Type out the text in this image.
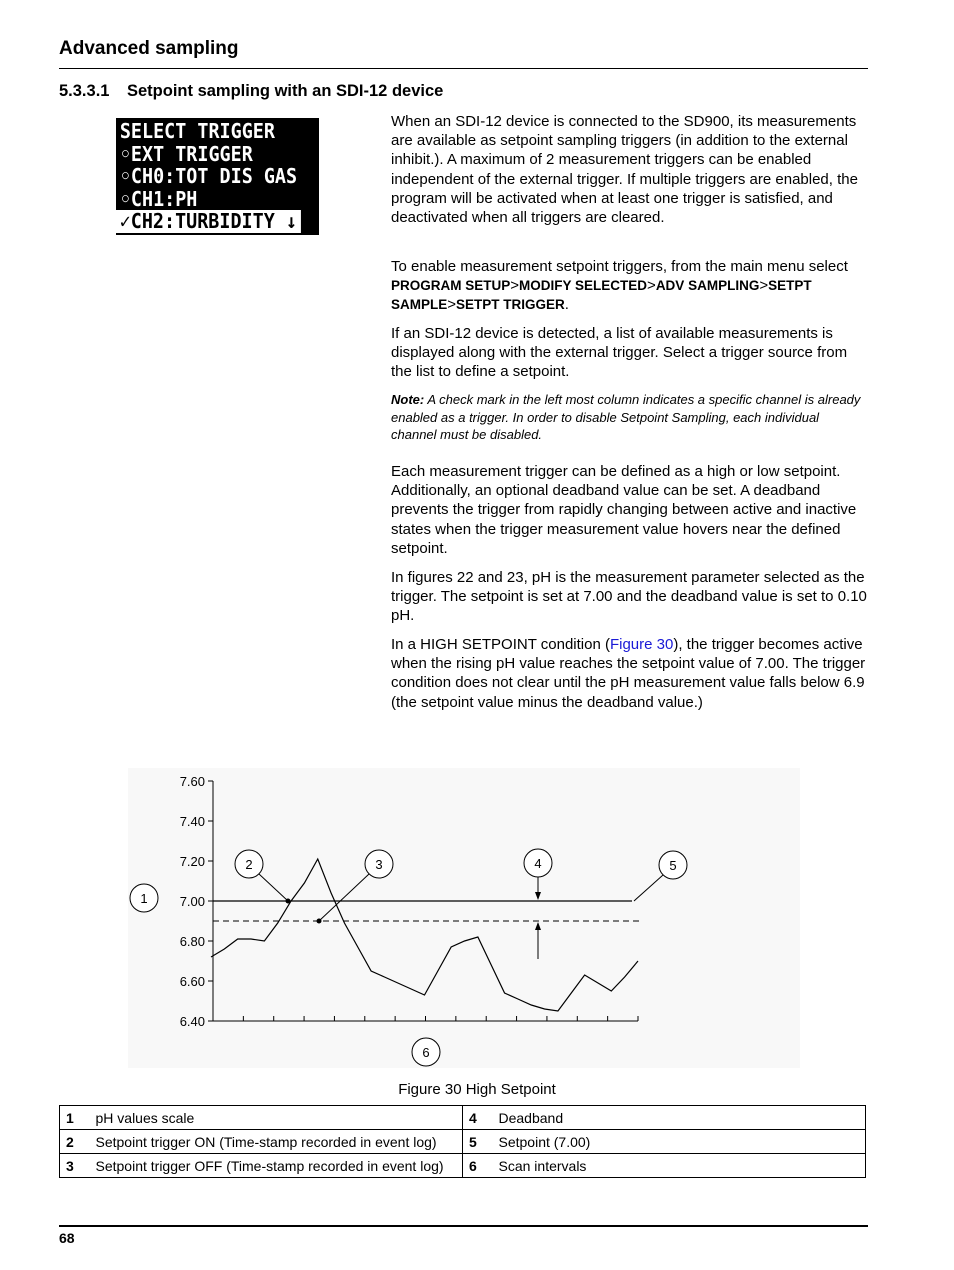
Advanced sampling
5.3.3.1 Setpoint sampling with an SDI-12 device
SELECT TRIGGER
◦EXT TRIGGER
◦CH0:TOT DIS GAS
◦CH1:PH
✓CH2:TURBIDITY ↓
When an SDI-12 device is connected to the SD900, its measurements are available as setpoint sampling triggers (in addition to the external inhibit.). A maximum of 2 measurement triggers can be enabled independent of the external trigger. If multiple triggers are enabled, the program will be activated when at least one trigger is satisfied, and deactivated when all triggers are cleared.
To enable measurement setpoint triggers, from the main menu select PROGRAM SETUP>MODIFY SELECTED>ADV SAMPLING>SETPT SAMPLE>SETPT TRIGGER.
If an SDI-12 device is detected, a list of available measurements is displayed along with the external trigger. Select a trigger source from the list to define a setpoint.
Note: A check mark in the left most column indicates a specific channel is already enabled as a trigger. In order to disable Setpoint Sampling, each individual channel must be disabled.
Each measurement trigger can be defined as a high or low setpoint. Additionally, an optional deadband value can be set. A deadband prevents the trigger from rapidly changing between active and inactive states when the trigger measurement value hovers near the defined setpoint.
In figures 22 and 23, pH is the measurement parameter selected as the trigger. The setpoint is set at 7.00 and the deadband value is set to 0.10 pH.
In a HIGH SETPOINT condition (Figure 30), the trigger becomes active when the rising pH value reaches the setpoint value of 7.00. The trigger condition does not clear until the pH measurement value falls below 6.9 (the setpoint value minus the deadband value.)
7.60
7.40
7.20
7.00
6.80
6.60
6.40
1
2	3	4	5
6
Figure 30 High Setpoint
1	pH values scale	4	Deadband
2	Setpoint trigger ON (Time-stamp recorded in event log)	5	Setpoint (7.00)
3	Setpoint trigger OFF (Time-stamp recorded in event log)	6	Scan intervals
68
